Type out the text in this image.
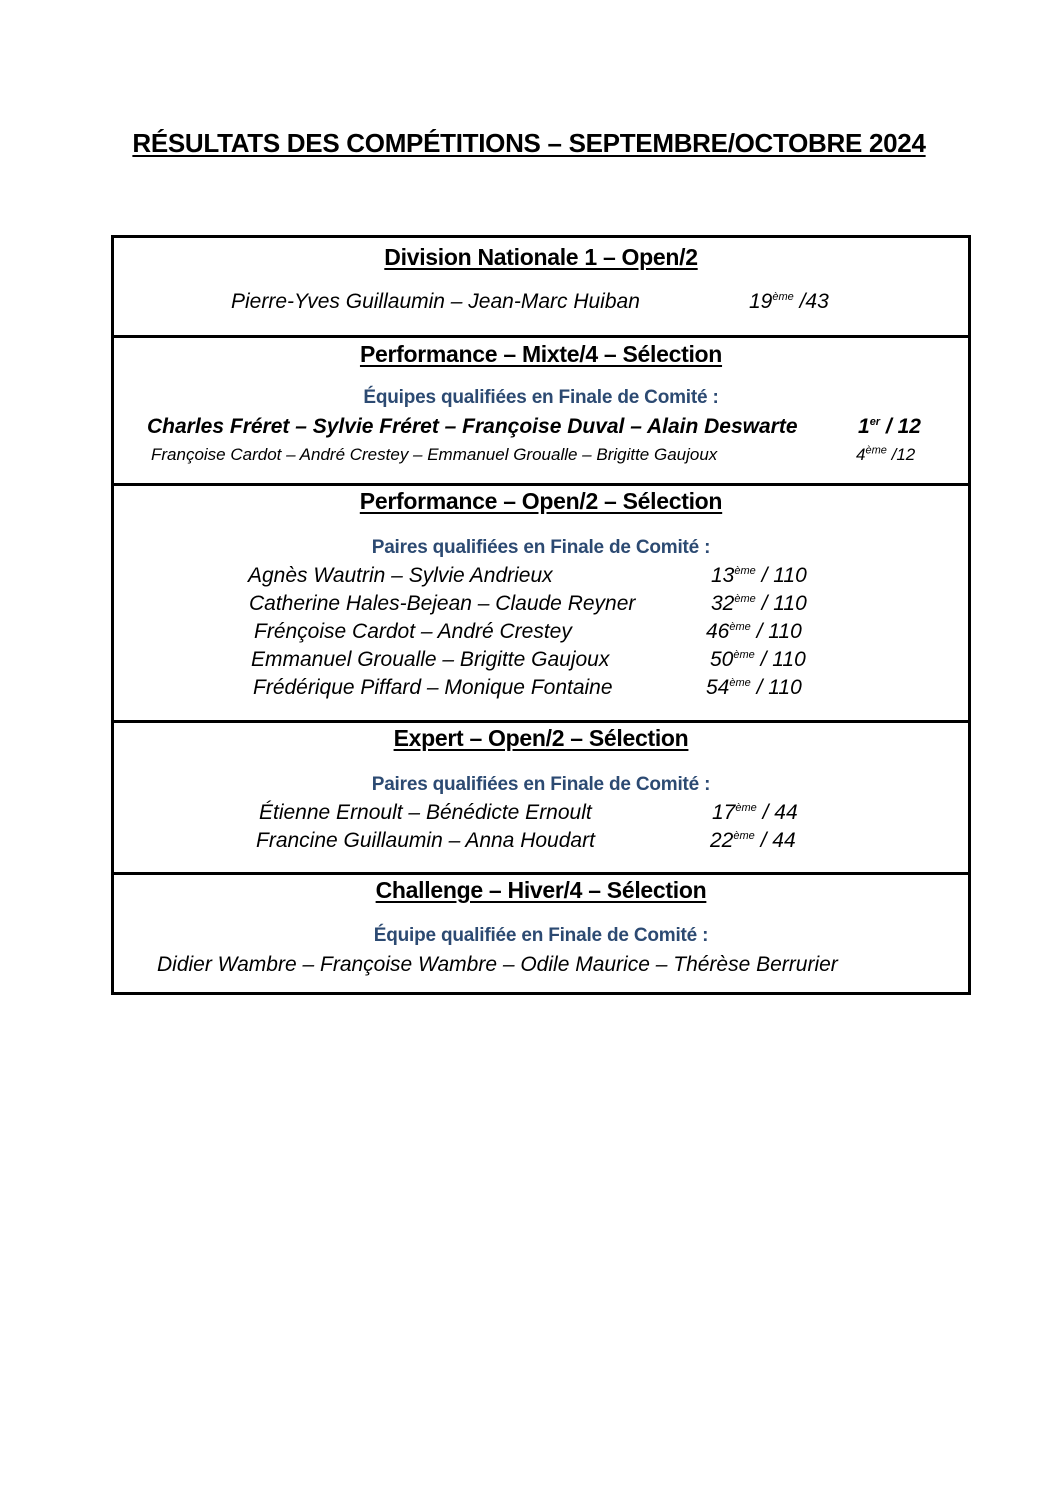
RÉSULTATS DES COMPÉTITIONS – SEPTEMBRE/OCTOBRE 2024
Division Nationale 1 – Open/2
Pierre-Yves Guillaumin – Jean-Marc Huiban	19ème /43
Performance – Mixte/4 – Sélection
Équipes qualifiées en Finale de Comité :
Charles Fréret – Sylvie Fréret – Françoise Duval – Alain Deswarte	1er / 12
Françoise Cardot – André Crestey – Emmanuel Groualle – Brigitte Gaujoux	4ème /12
Performance – Open/2 – Sélection
Paires qualifiées en Finale de Comité :
Agnès Wautrin – Sylvie Andrieux	13ème / 110
Catherine Hales-Bejean – Claude Reyner	32ème / 110
Frénçoise Cardot – André Crestey	46ème / 110
Emmanuel Groualle – Brigitte Gaujoux	50ème / 110
Frédérique Piffard – Monique Fontaine	54ème / 110
Expert – Open/2 – Sélection
Paires qualifiées en Finale de Comité :
Étienne Ernoult – Bénédicte Ernoult	17ème / 44
Francine Guillaumin – Anna Houdart	22ème / 44
Challenge – Hiver/4 – Sélection
Équipe qualifiée en Finale de Comité :
Didier Wambre – Françoise Wambre – Odile Maurice – Thérèse Berrurier
